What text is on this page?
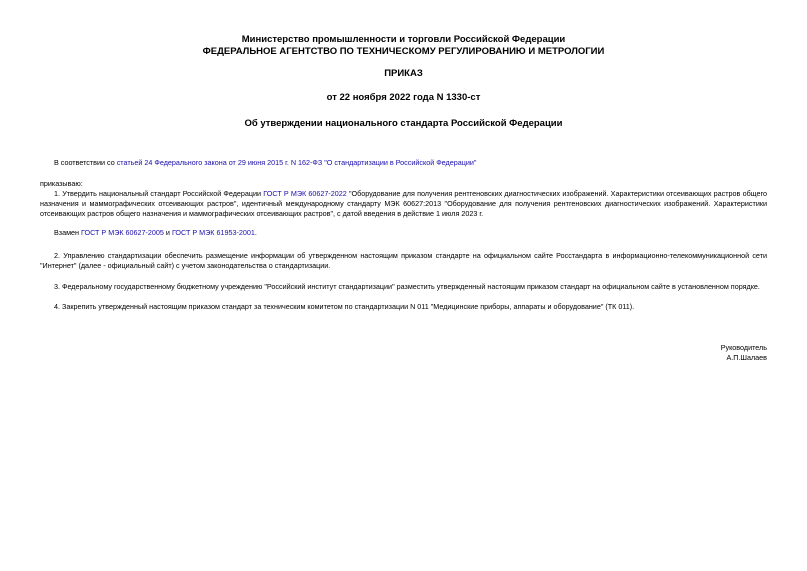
Министерство промышленности и торговли Российской Федерации
ФЕДЕРАЛЬНОЕ АГЕНТСТВО ПО ТЕХНИЧЕСКОМУ РЕГУЛИРОВАНИЮ И МЕТРОЛОГИИ
ПРИКАЗ
от 22 ноября 2022 года N 1330-ст
Об утверждении национального стандарта Российской Федерации
В соответствии со статьей 24 Федерального закона от 29 июня 2015 г. N 162-ФЗ "О стандартизации в Российской Федерации"
приказываю:
1. Утвердить национальный стандарт Российской Федерации ГОСТ Р МЭК 60627-2022 "Оборудование для получения рентгеновских диагностических изображений. Характеристики отсеивающих растров общего назначения и маммографических отсеивающих растров", идентичный международному стандарту МЭК 60627:2013 "Оборудование для получения рентгеновских диагностических изображений. Характеристики отсеивающих растров общего назначения и маммографических отсеивающих растров", с датой введения в действие 1 июля 2023 г.
Взамен ГОСТ Р МЭК 60627-2005 и ГОСТ Р МЭК 61953-2001.
2. Управлению стандартизации обеспечить размещение информации об утвержденном настоящим приказом стандарте на официальном сайте Росстандарта в информационно-телекоммуникационной сети "Интернет" (далее - официальный сайт) с учетом законодательства о стандартизации.
3. Федеральному государственному бюджетному учреждению "Российский институт стандартизации" разместить утвержденный настоящим приказом стандарт на официальном сайте в установленном порядке.
4. Закрепить утвержденный настоящим приказом стандарт за техническим комитетом по стандартизации N 011 "Медицинские приборы, аппараты и оборудование" (ТК 011).
Руководитель
А.П.Шалаев
